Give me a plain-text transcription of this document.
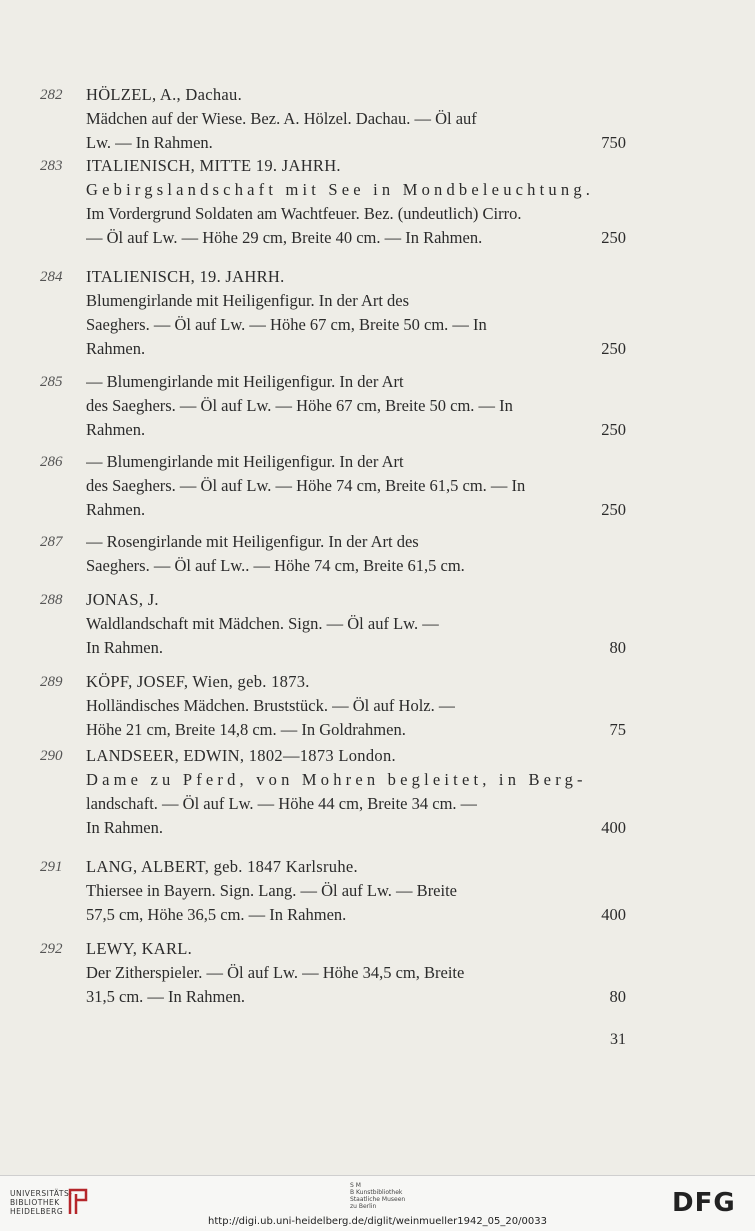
282 HÖLZEL, A., Dachau.
Mädchen auf der Wiese. Bez. A. Hölzel. Dachau. — Öl auf
Lw. — In Rahmen.	750
283 ITALIENISCH, MITTE 19. JAHRH.
Gebirgslandschaft mit See in Mondbeleuchtung.
Im Vordergrund Soldaten am Wachtfeuer. Bez. (undeutlich) Cirro.
— Öl auf Lw. — Höhe 29 cm, Breite 40 cm. — In Rahmen.	250
284 ITALIENISCH, 19. JAHRH.
Blumengirlande mit Heiligenfigur. In der Art des
Saeghers. — Öl auf Lw. — Höhe 67 cm, Breite 50 cm. — In
Rahmen.	250
285 — Blumengirlande mit Heiligenfigur. In der Art
des Saeghers. — Öl auf Lw. — Höhe 67 cm, Breite 50 cm. — In
Rahmen.	250
286 — Blumengirlande mit Heiligenfigur. In der Art
des Saeghers. — Öl auf Lw. — Höhe 74 cm, Breite 61,5 cm. — In
Rahmen.	250
287 — Rosengirlande mit Heiligenfigur. In der Art des
Saeghers. — Öl auf Lw.. — Höhe 74 cm, Breite 61,5 cm.
288 JONAS, J.
Waldlandschaft mit Mädchen. Sign. — Öl auf Lw. —
In Rahmen.	80
289 KÖPF, JOSEF, Wien, geb. 1873.
Holländisches Mädchen. Bruststück. — Öl auf Holz. —
Höhe 21 cm, Breite 14,8 cm. — In Goldrahmen.	75
290 LANDSEER, EDWIN, 1802—1873 London.
Dame zu Pferd, von Mohren begleitet, in Berg-
landschaft. — Öl auf Lw. — Höhe 44 cm, Breite 34 cm. —
In Rahmen.	400
291 LANG, ALBERT, geb. 1847 Karlsruhe.
Thiersee in Bayern. Sign. Lang. — Öl auf Lw. — Breite
57,5 cm, Höhe 36,5 cm. — In Rahmen.	400
292 LEWY, KARL.
Der Zitherspieler. — Öl auf Lw. — Höhe 34,5 cm, Breite
31,5 cm. — In Rahmen.	80
31
UNIVERSITÄTS-
BIBLIOTHEK
HEIDELBERG
S M
B Kunstbibliothek
Staatliche Museen
zu Berlin
http://digi.ub.uni-heidelberg.de/diglit/weinmueller1942_05_20/0033
DFG
